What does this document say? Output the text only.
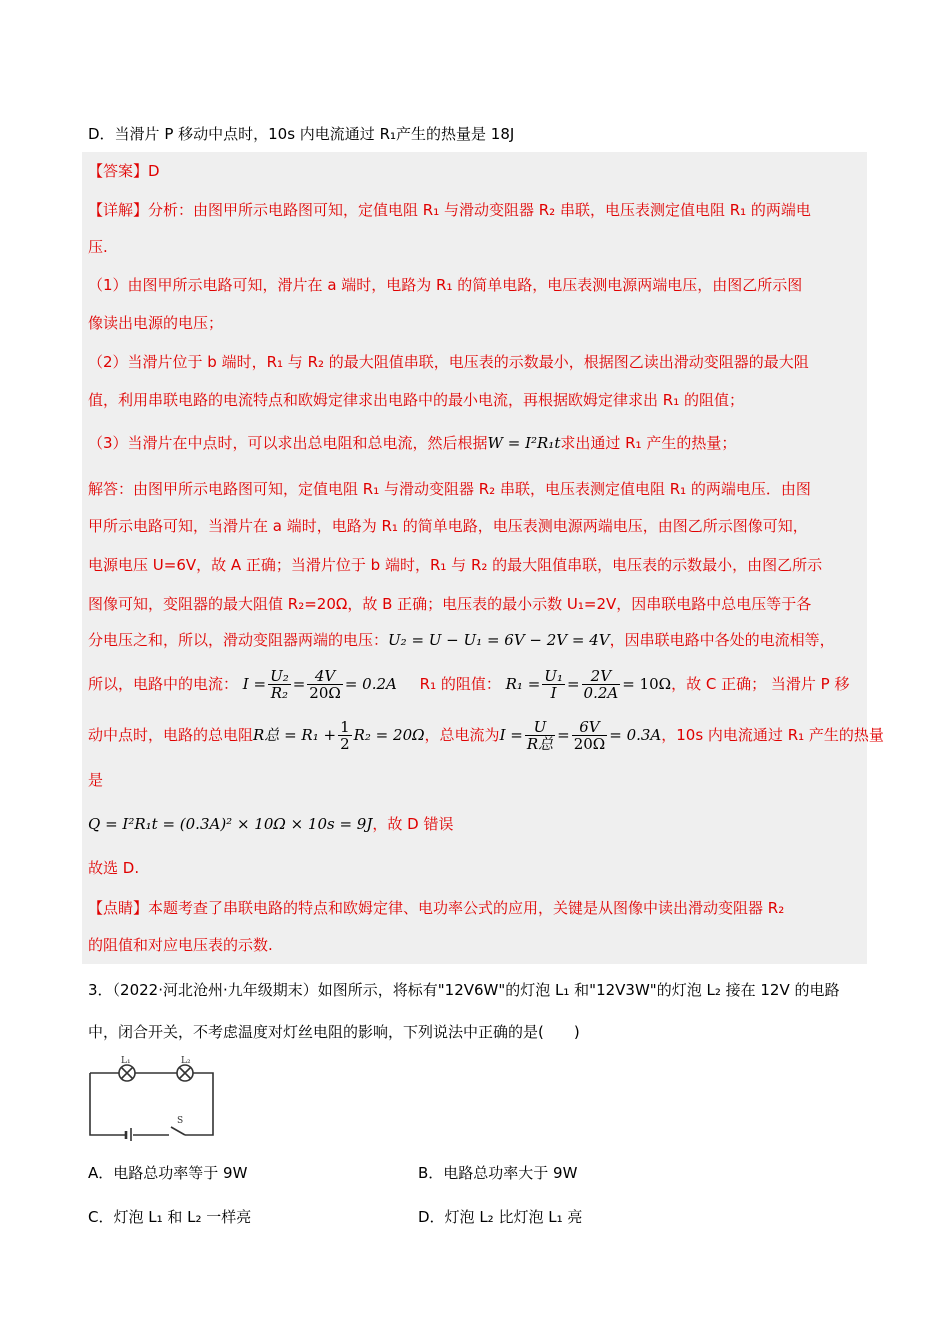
D．当滑片 P 移动中点时，10s 内电流通过 R₁产生的热量是 18J
【答案】D
【详解】分析：由图甲所示电路图可知，定值电阻 R₁ 与滑动变阻器 R₂ 串联，电压表测定值电阻 R₁ 的两端电
压.
（1）由图甲所示电路可知，滑片在 a 端时，电路为 R₁ 的简单电路，电压表测电源两端电压，由图乙所示图
像读出电源的电压；
（2）当滑片位于 b 端时，R₁ 与 R₂ 的最大阻值串联，电压表的示数最小，根据图乙读出滑动变阻器的最大阻
值，利用串联电路的电流特点和欧姆定律求出电路中的最小电流，再根据欧姆定律求出 R₁ 的阻值；
（3）当滑片在中点时，可以求出总电阻和总电流，然后根据W = I²R₁t求出通过 R₁ 产生的热量；
解答：由图甲所示电路图可知，定值电阻 R₁ 与滑动变阻器 R₂ 串联，电压表测定值电阻 R₁ 的两端电压．由图
甲所示电路可知，当滑片在 a 端时，电路为 R₁ 的简单电路，电压表测电源两端电压，由图乙所示图像可知，
电源电压 U=6V，故 A 正确；当滑片位于 b 端时，R₁ 与 R₂ 的最大阻值串联，电压表的示数最小，由图乙所示
图像可知，变阻器的最大阻值 R₂=20Ω，故 B 正确；电压表的最小示数 U₁=2V，因串联电路中总电压等于各
分电压之和，所以，滑动变阻器两端的电压：U₂ = U − U₁ = 6V − 2V = 4V，因串联电路中各处的电流相等，
所以，电路中的电流： $I = \frac{\text{U₂}}{\text{R₂}} = \frac{4V}{20\Omega} = 0.2A$ R₁ 的阻值： $R_1 = \frac{\text{U₁}}{I} = \frac{2V}{0.2A} = 10\Omega$，故 C 正确； 当滑片 P 移
动中点时，电路的总电阻R总 = $R_1 + \frac{1}{2} R_2 = 20\Omega$，总电流为$I = \frac{U}{\text{R总}} = \frac{6V}{20\Omega} = 0.3A$，10s 内电流通过 R₁ 产生的热量
是
Q = I²R₁t = (0.3A)² × 10Ω × 10s = 9J，故 D 错误
故选 D.
【点睛】本题考查了串联电路的特点和欧姆定律、电功率公式的应用，关键是从图像中读出滑动变阻器 R₂
的阻值和对应电压表的示数.
3．（2022·河北沧州·九年级期末）如图所示，将标有"12V6W"的灯泡 L₁ 和"12V3W"的灯泡 L₂ 接在 12V 的电路
中，闭合开关，不考虑温度对灯丝电阻的影响，下列说法中正确的是(　　)
L₁	L₂
S
A．电路总功率等于 9W	B．电路总功率大于 9W
C．灯泡 L₁ 和 L₂ 一样亮	D．灯泡 L₂ 比灯泡 L₁ 亮
